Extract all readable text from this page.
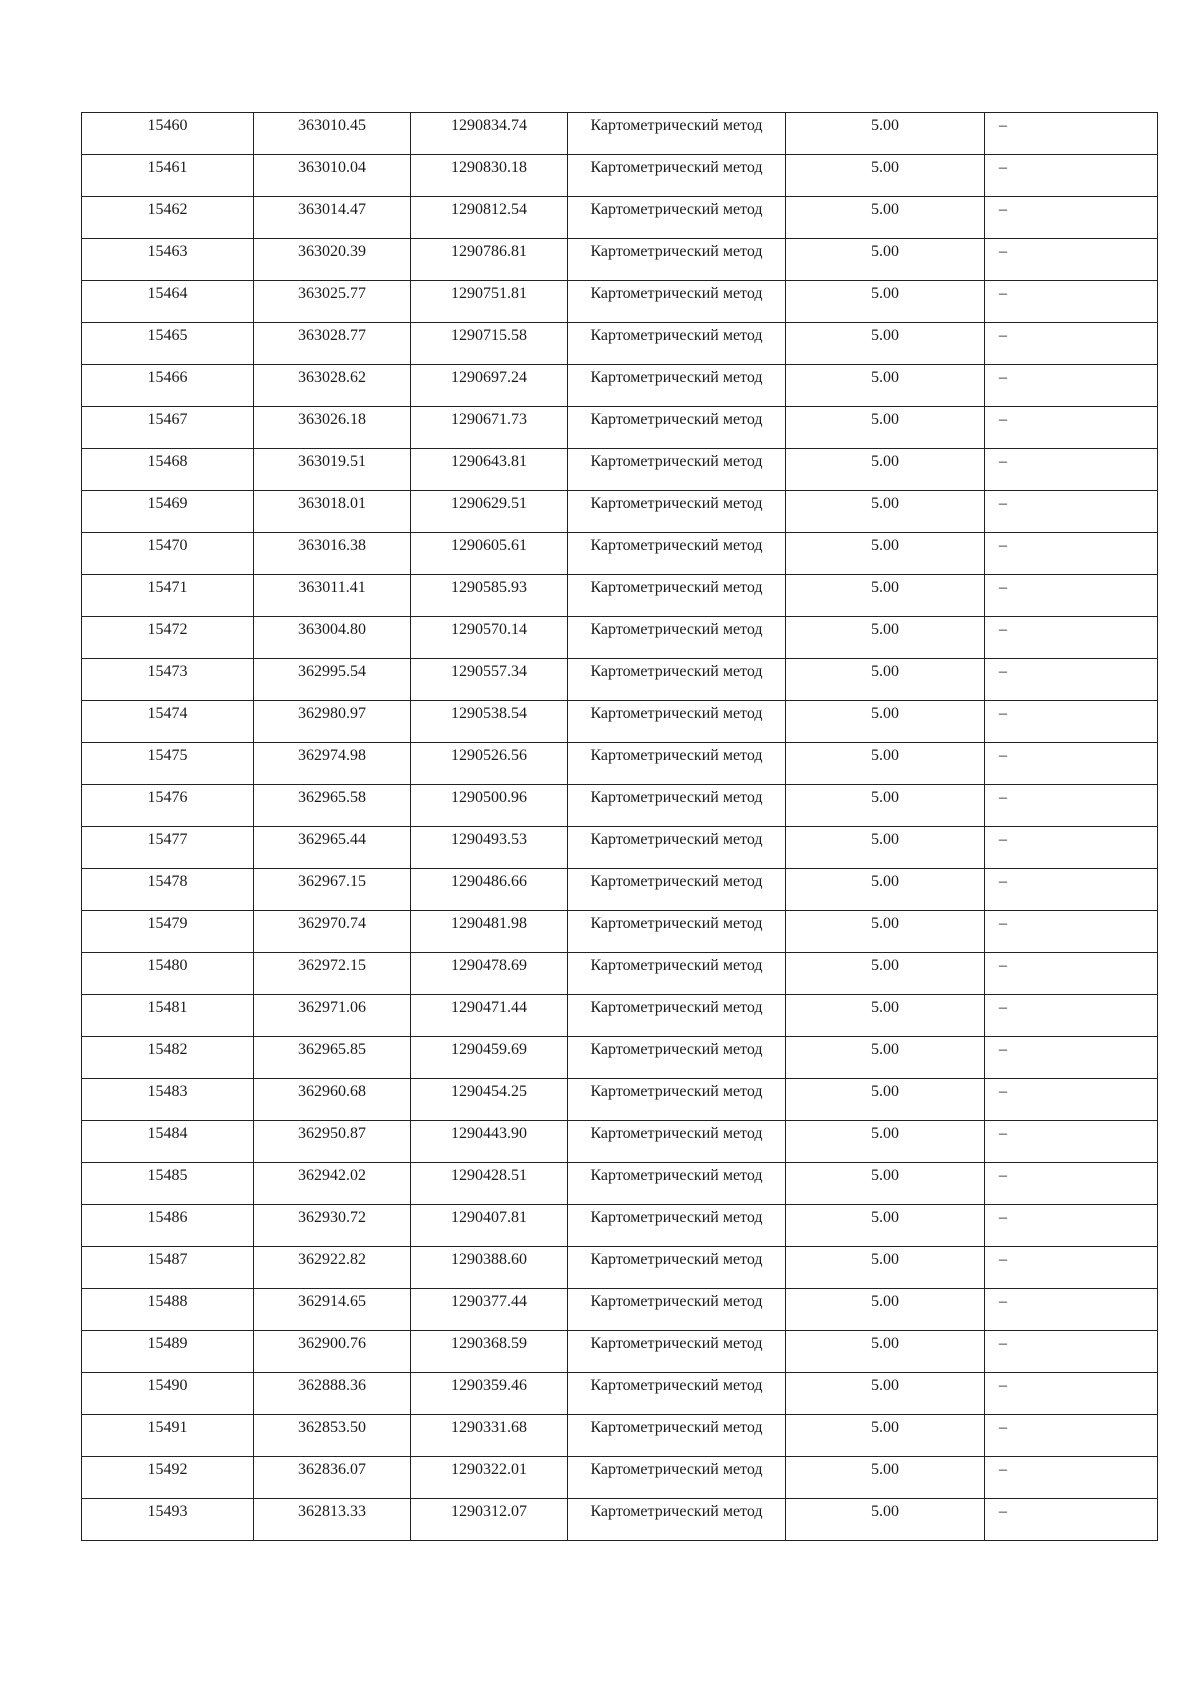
15460	363010.45	1290834.74	Картометрический метод	5.00	–

15461	363010.04	1290830.18	Картометрический метод	5.00	–

15462	363014.47	1290812.54	Картометрический метод	5.00	–

15463	363020.39	1290786.81	Картометрический метод	5.00	–

15464	363025.77	1290751.81	Картометрический метод	5.00	–

15465	363028.77	1290715.58	Картометрический метод	5.00	–

15466	363028.62	1290697.24	Картометрический метод	5.00	–

15467	363026.18	1290671.73	Картометрический метод	5.00	–

15468	363019.51	1290643.81	Картометрический метод	5.00	–

15469	363018.01	1290629.51	Картометрический метод	5.00	–

15470	363016.38	1290605.61	Картометрический метод	5.00	–

15471	363011.41	1290585.93	Картометрический метод	5.00	–

15472	363004.80	1290570.14	Картометрический метод	5.00	–

15473	362995.54	1290557.34	Картометрический метод	5.00	–

15474	362980.97	1290538.54	Картометрический метод	5.00	–

15475	362974.98	1290526.56	Картометрический метод	5.00	–

15476	362965.58	1290500.96	Картометрический метод	5.00	–

15477	362965.44	1290493.53	Картометрический метод	5.00	–

15478	362967.15	1290486.66	Картометрический метод	5.00	–

15479	362970.74	1290481.98	Картометрический метод	5.00	–

15480	362972.15	1290478.69	Картометрический метод	5.00	–

15481	362971.06	1290471.44	Картометрический метод	5.00	–

15482	362965.85	1290459.69	Картометрический метод	5.00	–

15483	362960.68	1290454.25	Картометрический метод	5.00	–

15484	362950.87	1290443.90	Картометрический метод	5.00	–

15485	362942.02	1290428.51	Картометрический метод	5.00	–

15486	362930.72	1290407.81	Картометрический метод	5.00	–

15487	362922.82	1290388.60	Картометрический метод	5.00	–

15488	362914.65	1290377.44	Картометрический метод	5.00	–

15489	362900.76	1290368.59	Картометрический метод	5.00	–

15490	362888.36	1290359.46	Картометрический метод	5.00	–

15491	362853.50	1290331.68	Картометрический метод	5.00	–

15492	362836.07	1290322.01	Картометрический метод	5.00	–

15493	362813.33	1290312.07	Картометрический метод	5.00	–
